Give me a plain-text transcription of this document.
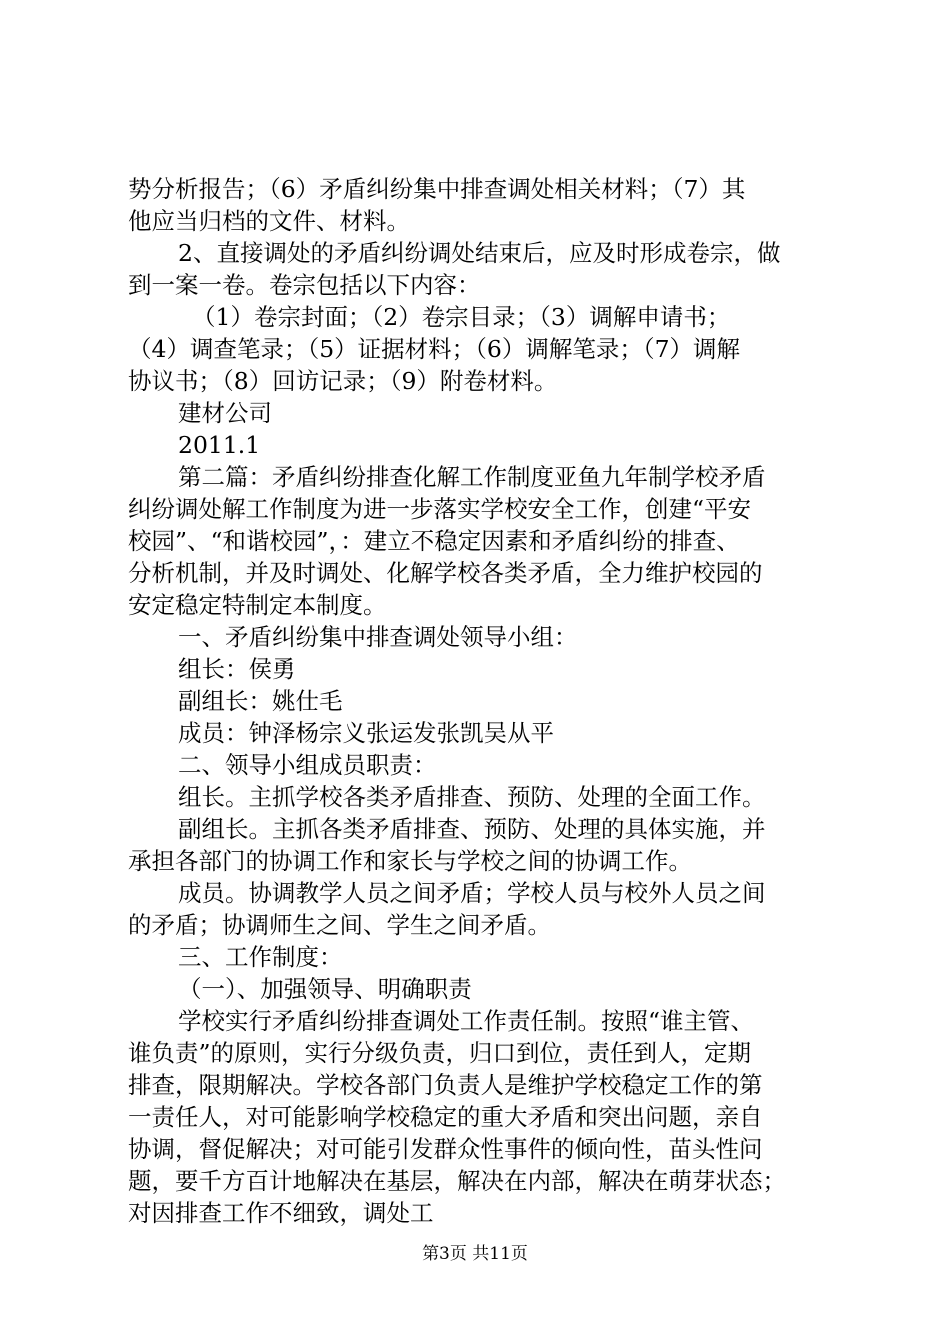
势分析报告；（6）矛盾纠纷集中排查调处相关材料；（7）其
他应当归档的文件、材料。
2、直接调处的矛盾纠纷调处结束后，应及时形成卷宗，做
到一案一卷。卷宗包括以下内容：
（1）卷宗封面；（2）卷宗目录；（3）调解申请书；
（4）调查笔录；（5）证据材料；（6）调解笔录；（7）调解
协议书；（8）回访记录；（9）附卷材料。
建材公司
2011.1
第二篇：矛盾纠纷排查化解工作制度亚鱼九年制学校矛盾
纠纷调处解工作制度为进一步落实学校安全工作，创建“平安
校园”、“和谐校园”，：建立不稳定因素和矛盾纠纷的排查、
分析机制，并及时调处、化解学校各类矛盾，全力维护校园的
安定稳定特制定本制度。
一、矛盾纠纷集中排查调处领导小组：
组长：侯勇
副组长：姚仕毛
成员：钟泽杨宗义张运发张凯吴从平
二、领导小组成员职责：
组长。主抓学校各类矛盾排查、预防、处理的全面工作。
副组长。主抓各类矛盾排查、预防、处理的具体实施，并
承担各部门的协调工作和家长与学校之间的协调工作。
成员。协调教学人员之间矛盾；学校人员与校外人员之间
的矛盾；协调师生之间、学生之间矛盾。
三、工作制度：
（一）、加强领导、明确职责
学校实行矛盾纠纷排查调处工作责任制。按照“谁主管、
谁负责”的原则，实行分级负责，归口到位，责任到人，定期
排查，限期解决。学校各部门负责人是维护学校稳定工作的第
一责任人，对可能影响学校稳定的重大矛盾和突出问题，亲自
协调，督促解决；对可能引发群众性事件的倾向性，苗头性问
题，要千方百计地解决在基层，解决在内部，解决在萌芽状态；
对因排查工作不细致，调处工
第3页 共11页
